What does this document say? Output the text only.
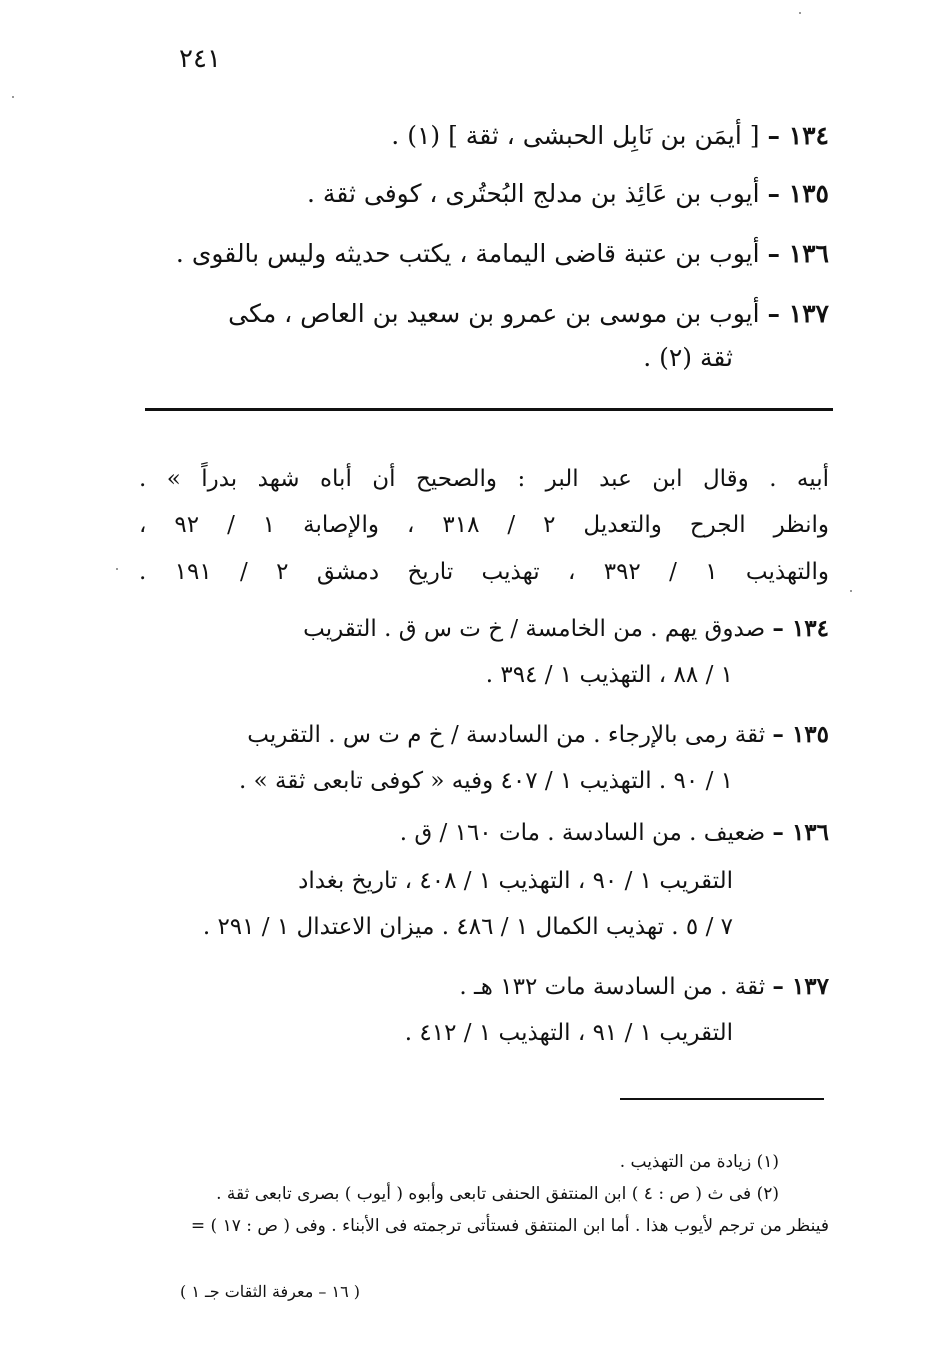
٢٤١
١٣٤ – [ أيمَن بن نَابِل الحبشى ، ثقة ] (١) .
١٣٥ – أيوب بن عَائِذ بن مدلج البُحتُرى ، كوفى ثقة .
١٣٦ – أيوب بن عتبة قاضى اليمامة ، يكتب حديثه وليس بالقوى .
١٣٧ – أيوب بن موسى بن عمرو بن سعيد بن العاص ، مكى
ثقة (٢) .
أبيه . وقال ابن عبد البر : والصحيح أن أباه شهد بدراً » .
وانظر الجرح والتعديل ٢ / ٣١٨ ، والإصابة ١ / ٩٢ ،
والتهذيب ١ / ٣٩٢ ، تهذيب تاريخ دمشق ٢ / ١٩١ .
١٣٤ – صدوق يهم . من الخامسة / خ ت س ق . التقريب
١ / ٨٨ ، التهذيب ١ / ٣٩٤ .
١٣٥ – ثقة رمى بالإرجاء . من السادسة / خ م ت س . التقريب
١ / ٩٠ . التهذيب ١ / ٤٠٧ وفيه « كوفى تابعى ثقة » .
١٣٦ – ضعيف . من السادسة . مات ١٦٠ / ق .
التقريب ١ / ٩٠ ، التهذيب ١ / ٤٠٨ ، تاريخ بغداد
٧ / ٥ . تهذيب الكمال ١ / ٤٨٦ . ميزان الاعتدال ١ / ٢٩١ .
١٣٧ – ثقة . من السادسة مات ١٣٢ هـ .
التقريب ١ / ٩١ ، التهذيب ١ / ٤١٢ .
(١) زيادة من التهذيب .
(٢) فى ث ( ص : ٤ ) ابن المنتفق الحنفى تابعى وأبوه ( أيوب ) بصرى تابعى ثقة .
فينظر من ترجم لأيوب هذا . أما ابن المنتفق فستأتى ترجمته فى الأبناء . وفى ( ص : ١٧ ) =
( ١٦ – معرفة الثقات جـ ١ )
